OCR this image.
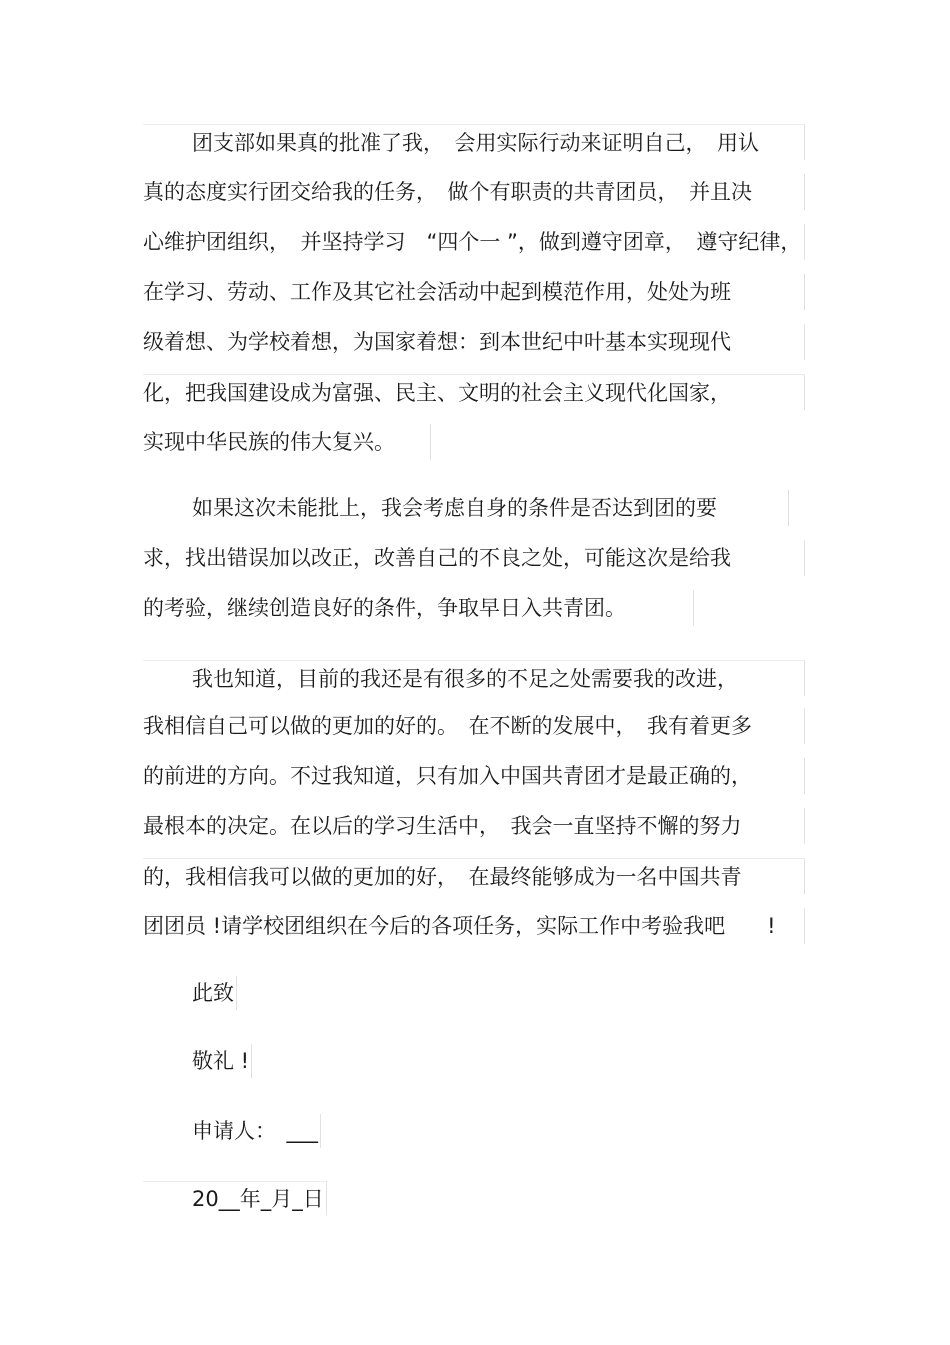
团支部如果真的批准了我，　会用实际行动来证明自己，　用认
真的态度实行团交给我的任务，　做个有职责的共青团员，　并且决
心维护团组织，　并坚持学习　“四个一 ”，做到遵守团章，　遵守纪律，
在学习、劳动、工作及其它社会活动中起到模范作用，处处为班
级着想、为学校着想，为国家着想：到本世纪中叶基本实现现代
化，把我国建设成为富强、民主、文明的社会主义现代化国家，
实现中华民族的伟大复兴。
如果这次未能批上，我会考虑自身的条件是否达到团的要
求，找出错误加以改正，改善自己的不良之处，可能这次是给我
的考验，继续创造良好的条件，争取早日入共青团。
我也知道，目前的我还是有很多的不足之处需要我的改进，
我相信自己可以做的更加的好的。　在不断的发展中，　我有着更多
的前进的方向。不过我知道，只有加入中国共青团才是最正确的，
最根本的决定。在以后的学习生活中，　我会一直坚持不懈的努力
的，我相信我可以做的更加的好，　在最终能够成为一名中国共青
团团员 !请学校团组织在今后的各项任务，实际工作中考验我吧　　!
此致
敬礼 !
申请人：　___
20__年_月_日
